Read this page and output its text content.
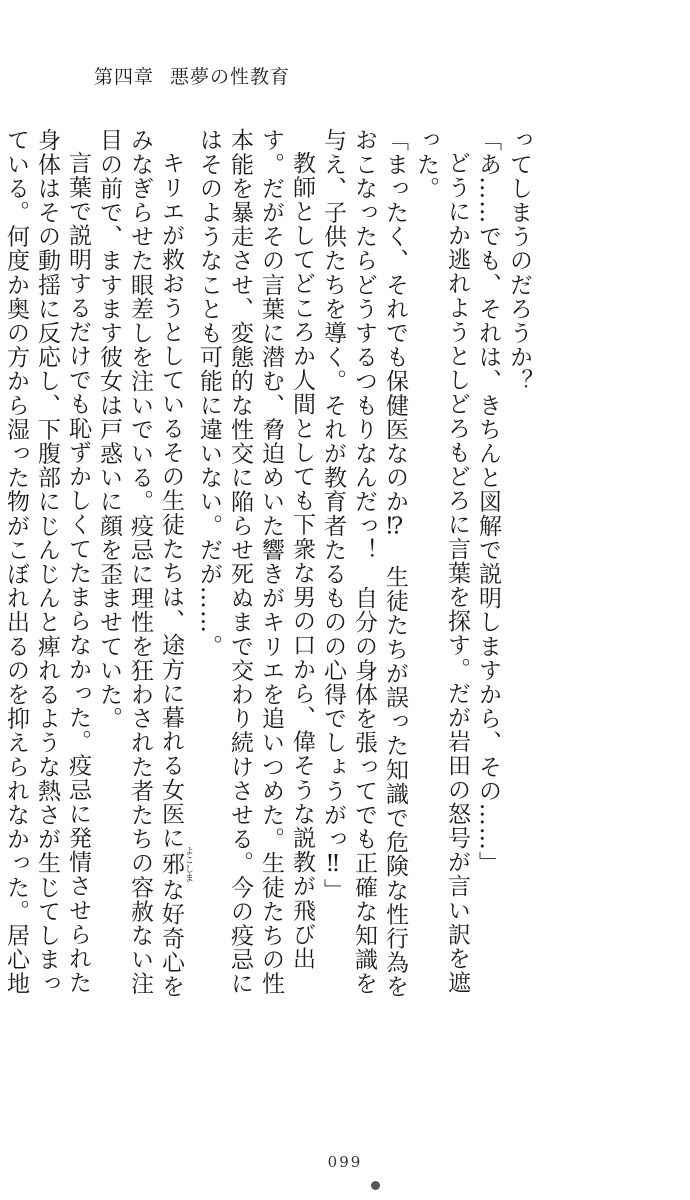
第四章 悪夢の性教育

ってしまうのだろうか？

「あ……でも、それは、きちんと図解で説明しますから、その……」

どうにか逃れようとしどろもどろに言葉を探す。だが岩田の怒号が言い訳を遮った。

「まったく、それでも保健医なのか⁉　生徒たちが誤った知識で危険な性行為をおこなったらどうするつもりなんだっ！　自分の身体を張ってでも正確な知識を与え、子供たちを導く。それが教育者たるものの心得でしょうがっ‼」

教師としてどころか人間としても下衆な男の口から、偉そうな説教が飛び出す。だがその言葉に潜む、脅迫めいた響きがキリエを追いつめた。生徒たちの性本能を暴走させ、変態的な性交に陥らせ死ぬまで交わり続けさせる。今の疫忌にはそのようなことも可能に違いない。だが……。

キリエが救おうとしているその生徒たちは、途方に暮れる女医に邪 よこしまな好奇心をみなぎらせた眼差しを注いでいる。疫忌に理性を狂わされた者たちの容赦ない注目の前で、ますます彼女は戸惑いに顔を歪ませていた。

言葉で説明するだけでも恥ずかしくてたまらなかった。疫忌に発情させられた身体はその動揺に反応し、下腹部にじんじんと痺れるような熱さが生じてしまっている。何度か奥の方から湿った物がこぼれ出るのを抑えられなかった。居心地

099
